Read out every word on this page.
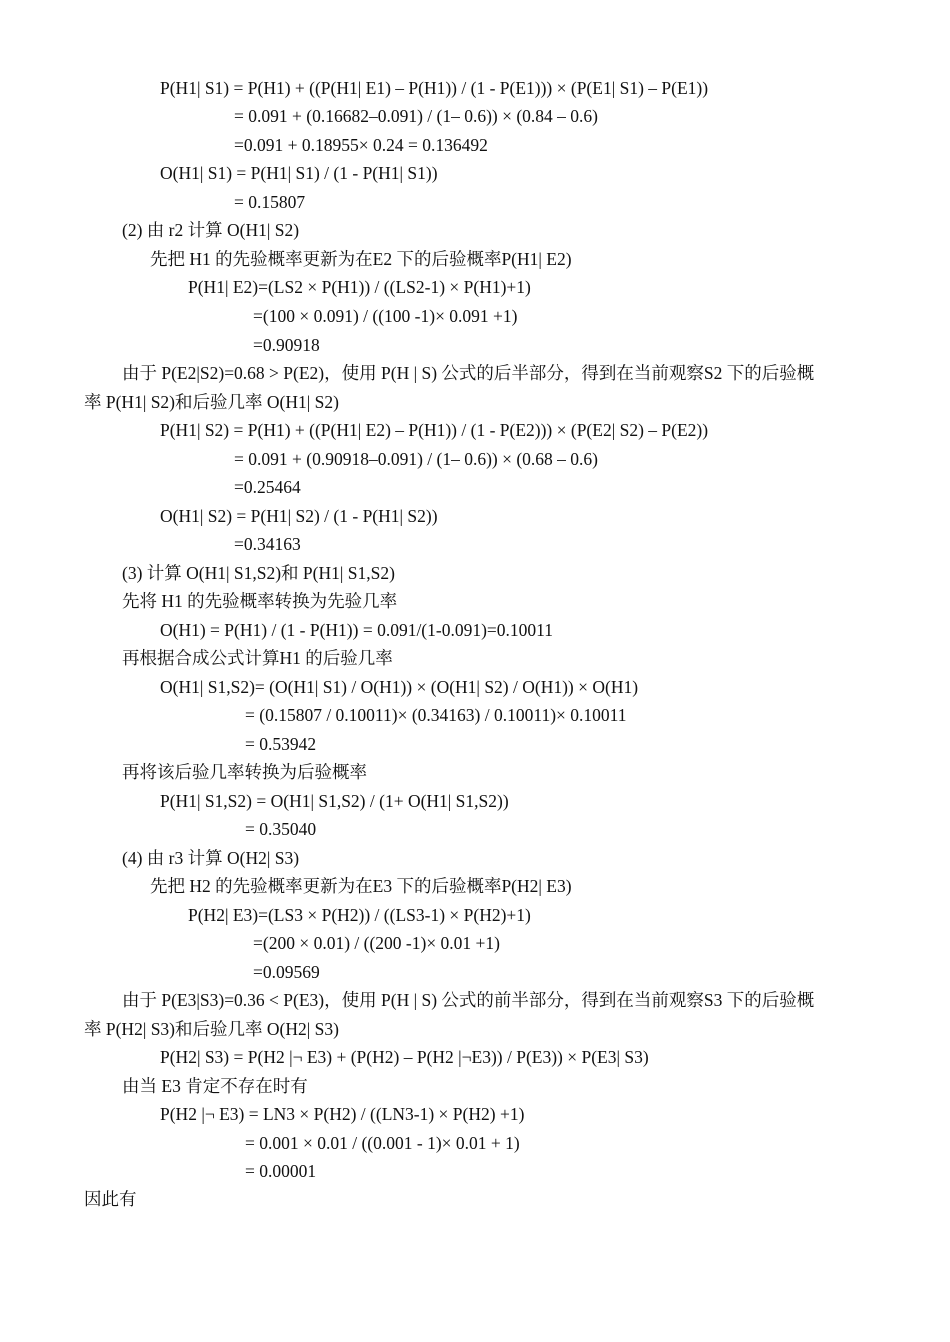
P(H1| S1) = P(H1) + ((P(H1| E1) – P(H1)) / (1 - P(E1))) × (P(E1| S1) – P(E1))
= 0.091 + (0.16682–0.091) / (1– 0.6)) × (0.84 – 0.6)
=0.091 + 0.18955× 0.24 = 0.136492
O(H1| S1) = P(H1| S1) / (1 - P(H1| S1))
= 0.15807
(2) 由 r2 计算 O(H1| S2)
先把 H1 的先验概率更新为在E2 下的后验概率P(H1| E2)
P(H1| E2)=(LS2 × P(H1)) / ((LS2-1) × P(H1)+1)
=(100 × 0.091) / ((100 -1)× 0.091 +1)
=0.90918
由于 P(E2|S2)=0.68 > P(E2)，使用 P(H | S) 公式的后半部分，得到在当前观察S2 下的后验概
率 P(H1| S2)和后验几率 O(H1| S2)
P(H1| S2) = P(H1) + ((P(H1| E2) – P(H1)) / (1 - P(E2))) × (P(E2| S2) – P(E2))
= 0.091 + (0.90918–0.091) / (1– 0.6)) × (0.68 – 0.6)
=0.25464
O(H1| S2) = P(H1| S2) / (1 - P(H1| S2))
=0.34163
(3) 计算 O(H1| S1,S2)和 P(H1| S1,S2)
先将 H1 的先验概率转换为先验几率
O(H1) = P(H1) / (1 - P(H1)) = 0.091/(1-0.091)=0.10011
再根据合成公式计算H1 的后验几率
O(H1| S1,S2)= (O(H1| S1) / O(H1)) × (O(H1| S2) / O(H1)) × O(H1)
= (0.15807 / 0.10011)× (0.34163) / 0.10011)× 0.10011
= 0.53942
再将该后验几率转换为后验概率
P(H1| S1,S2) = O(H1| S1,S2) / (1+ O(H1| S1,S2))
= 0.35040
(4) 由 r3 计算 O(H2| S3)
先把 H2 的先验概率更新为在E3 下的后验概率P(H2| E3)
P(H2| E3)=(LS3 × P(H2)) / ((LS3-1) × P(H2)+1)
=(200 × 0.01) / ((200 -1)× 0.01 +1)
=0.09569
由于 P(E3|S3)=0.36 < P(E3)，使用 P(H | S) 公式的前半部分，得到在当前观察S3 下的后验概
率 P(H2| S3)和后验几率 O(H2| S3)
P(H2| S3) = P(H2 |¬ E3) + (P(H2) – P(H2 |¬E3)) / P(E3)) × P(E3| S3)
由当 E3 肯定不存在时有
P(H2 |¬ E3) = LN3 × P(H2) / ((LN3-1) × P(H2) +1)
= 0.001 × 0.01 / ((0.001 - 1)× 0.01 + 1)
= 0.00001
因此有
